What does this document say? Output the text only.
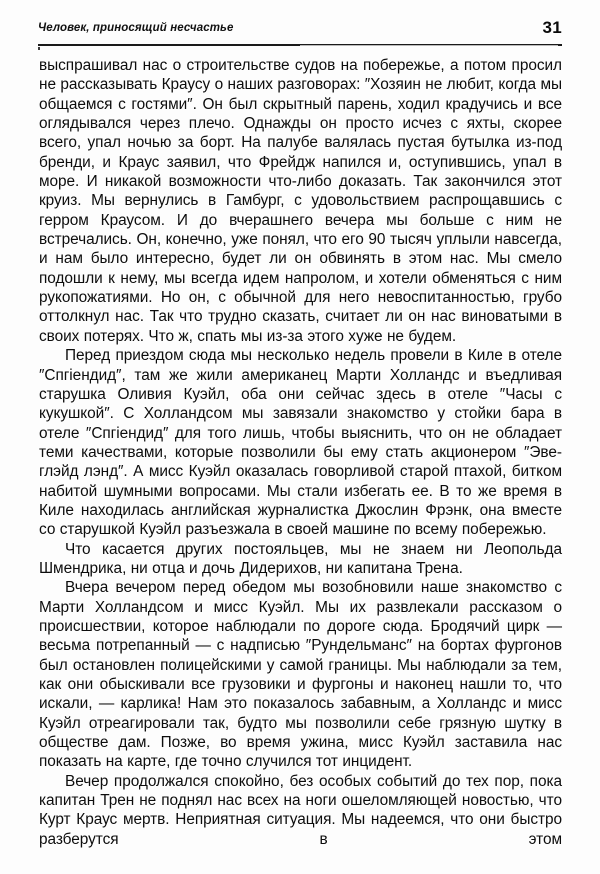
Человек, приносящий несчастье	31

выспрашивал нас о строительстве судов на побережье, а потом просил не рассказывать Краусу о наших разговорах: ″Хозяин не любит, когда мы общаемся с гостями″. Он был скрытный парень, ходил крадучись и все оглядывался через плечо. Однажды он просто исчез с яхты, скорее всего, упал ночью за борт. На палубе валялась пустая бутылка из-под бренди, и Краус заявил, что Фрейдж напился и, оступившись, упал в море. И никакой возможности что-либо доказать. Так закончился этот круиз. Мы вернулись в Гамбург, с удовольствием распрощавшись с герром Краусом. И до вчерашнего вечера мы больше с ним не встречались. Он, конечно, уже понял, что его 90 тысяч уплыли навсегда, и нам было интересно, будет ли он обвинять в этом нас. Мы смело подошли к нему, мы всегда идем напролом, и хотели обменяться с ним рукопожатиями. Но он, с обычной для него невоспитанностью, грубо оттолкнул нас. Так что трудно сказать, считает ли он нас виноватыми в своих потерях. Что ж, спать мы из-за этого хуже не будем.

Перед приездом сюда мы несколько недель провели в Киле в отеле ″Спгіендид″, там же жили американец Марти Холландс и въедливая старушка Оливия Куэйл, оба они сейчас здесь в отеле ″Часы с кукушкой″. С Холландсом мы завязали знакомство у стойки бара в отеле ″Спгіендид″ для того лишь, чтобы выяснить, что он не обладает теми качествами, которые позволили бы ему стать акционером ″Эвеглэйд лэнд″. А мисс Куэйл оказалась говорливой старой птахой, битком набитой шумными вопросами. Мы стали избегать ее. В то же время в Киле находилась английская журналистка Джослин Фрэнк, она вместе со старушкой Куэйл разъезжала в своей машине по всему побережью.

Что касается других постояльцев, мы не знаем ни Леопольда Шмендрика, ни отца и дочь Дидерихов, ни капитана Трена.

Вчера вечером перед обедом мы возобновили наше знакомство с Марти Холландсом и мисс Куэйл. Мы их развлекали рассказом о происшествии, которое наблюдали по дороге сюда. Бродячий цирк — весьма потрепанный — с надписью ″Рундельманс″ на бортах фургонов был остановлен полицейскими у самой границы. Мы наблюдали за тем, как они обыскивали все грузовики и фургоны и наконец нашли то, что искали, — карлика! Нам это показалось забавным, а Холландс и мисс Куэйл отреагировали так, будто мы позволили себе грязную шутку в обществе дам. Позже, во время ужина, мисс Куэйл заставила нас показать на карте, где точно случился тот инцидент.

Вечер продолжался спокойно, без особых событий до тех пор, пока капитан Трен не поднял нас всех на ноги ошеломляющей новостью, что Курт Краус мертв. Неприятная ситуация. Мы надеемся, что они быстро разберутся в этом
